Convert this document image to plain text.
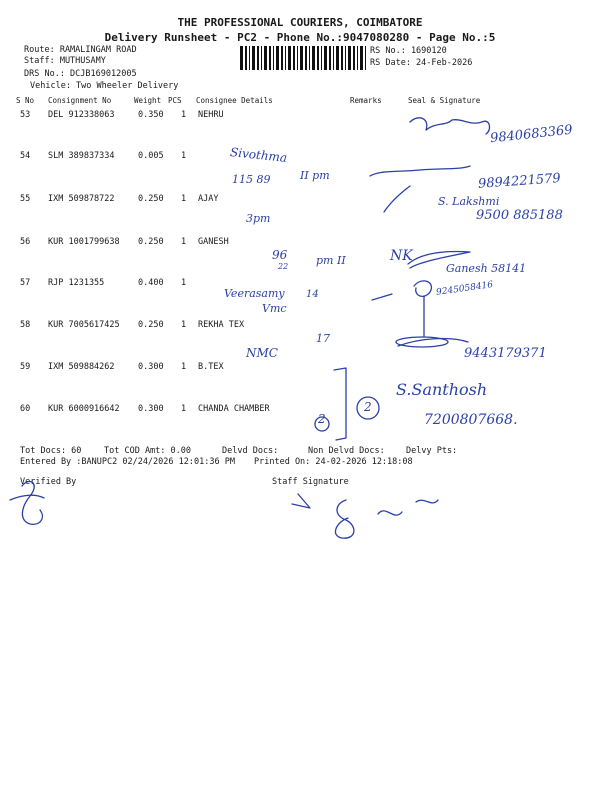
THE PROFESSIONAL COURIERS, COIMBATORE
Delivery Runsheet - PC2 - Phone No.:9047080280 - Page No.:5
Route: RAMALINGAM ROAD
Staff: MUTHUSAMY
DRS No.: DCJB169012005
Vehicle: Two Wheeler Delivery
RS No.: 1690120
RS Date: 24-Feb-2026
S No Consignment No	Weight PCS Consignee Details	Remarks	Seal & Signature
53 DEL 912338063	0.350 1 NEHRU
54 SLM 389837334	0.005 1
55 IXM 509878722	0.250 1 AJAY
56 KUR 1001799638 0.250 1 GANESH
57 RJP 1231355	0.400 1
58 KUR 7005617425 0.250 1 REKHA TEX
59 IXM 509884262	0.300 1 B.TEX
60 KUR 6000916642 0.300 1 CHANDA CHAMBER
Tot Docs: 60	Tot COD Amt: 0.00	Delvd Docs:	Non Delvd Docs: Delvy Pts:
Entered By :BANUPC2 02/24/2026 12:01:36 PM Printed On: 24-02-2026 12:18:08
Verified By	Staff Signature
9840683369
Sivothma
115 89	II pm	9894221579
S. Lakshmi
9500 885188
3pm
96
22	pm II	NK
Ganesh 58141
9245058416
Veerasamy 14
Vmc
17
NMC	9443179371
2
2
S.Santhosh
7200807668.
